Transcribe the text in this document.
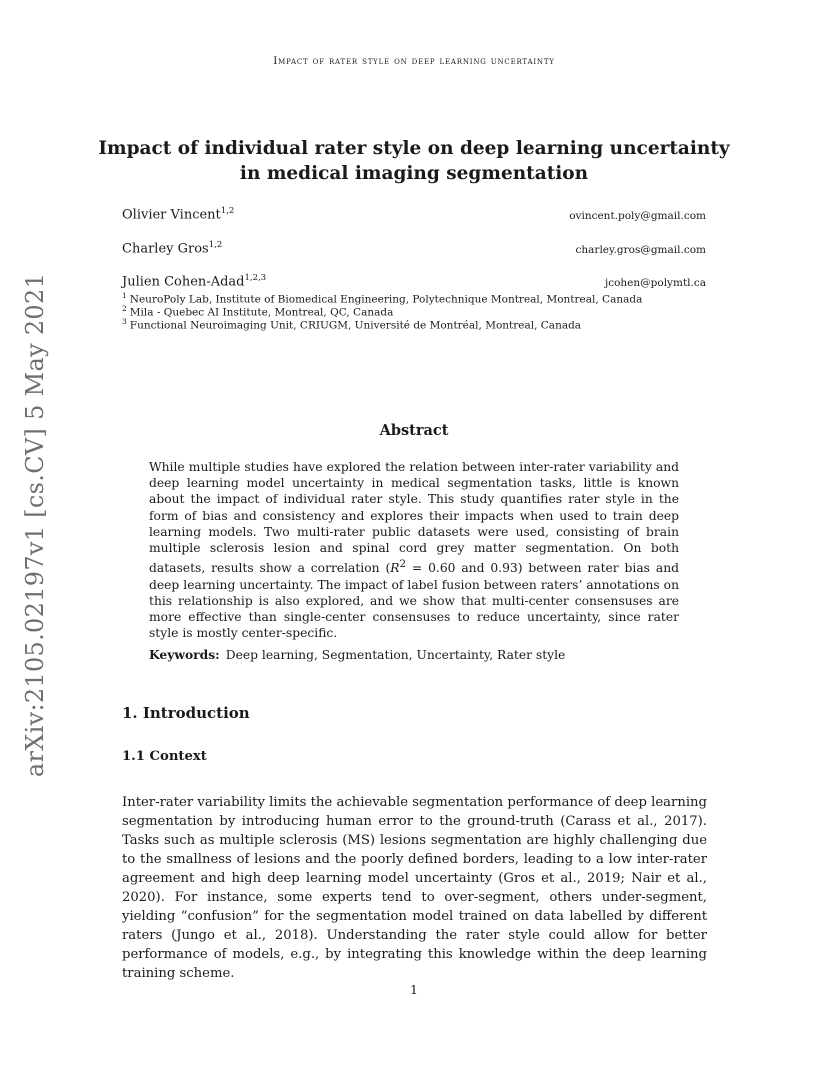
Impact of rater style on deep learning uncertainty
Impact of individual rater style on deep learning uncertainty
in medical imaging segmentation
Olivier Vincent$^{1,2}$	ovincent.poly@gmail.com
Charley Gros$^{1,2}$	charley.gros@gmail.com
Julien Cohen-Adad$^{1,2,3}$	jcohen@polymtl.ca
$^1$ NeuroPoly Lab, Institute of Biomedical Engineering, Polytechnique Montreal, Montreal, Canada
$^2$ Mila - Quebec AI Institute, Montreal, QC, Canada
$^3$ Functional Neuroimaging Unit, CRIUGM, Université de Montréal, Montreal, Canada
Abstract

While multiple studies have explored the relation between inter-rater variability and deep learning model uncertainty in medical segmentation tasks, little is known about the impact of individual rater style. This study quantifies rater style in the form of bias and consistency and explores their impacts when used to train deep learning models. Two multi-rater public datasets were used, consisting of brain multiple sclerosis lesion and spinal cord grey matter segmentation. On both datasets, results show a correlation ($R^2 = 0.60$ and 0.93) between rater bias and deep learning uncertainty. The impact of label fusion between raters’ annotations on this relationship is also explored, and we show that multi-center consensuses are more effective than single-center consensuses to reduce uncertainty, since rater style is mostly center-specific.

Keywords: Deep learning, Segmentation, Uncertainty, Rater style
1. Introduction
1.1 Context

Inter-rater variability limits the achievable segmentation performance of deep learning segmentation by introducing human error to the ground-truth (Carass et al., 2017). Tasks such as multiple sclerosis (MS) lesions segmentation are highly challenging due to the smallness of lesions and the poorly defined borders, leading to a low inter-rater agreement and high deep learning model uncertainty (Gros et al., 2019; Nair et al., 2020). For instance, some experts tend to over-segment, others under-segment, yielding “confusion” for the segmentation model trained on data labelled by different raters (Jungo et al., 2018). Understanding the rater style could allow for better performance of models, e.g., by integrating this knowledge within the deep learning training scheme.

1
arXiv:2105.02197v1 [cs.CV] 5 May 2021
